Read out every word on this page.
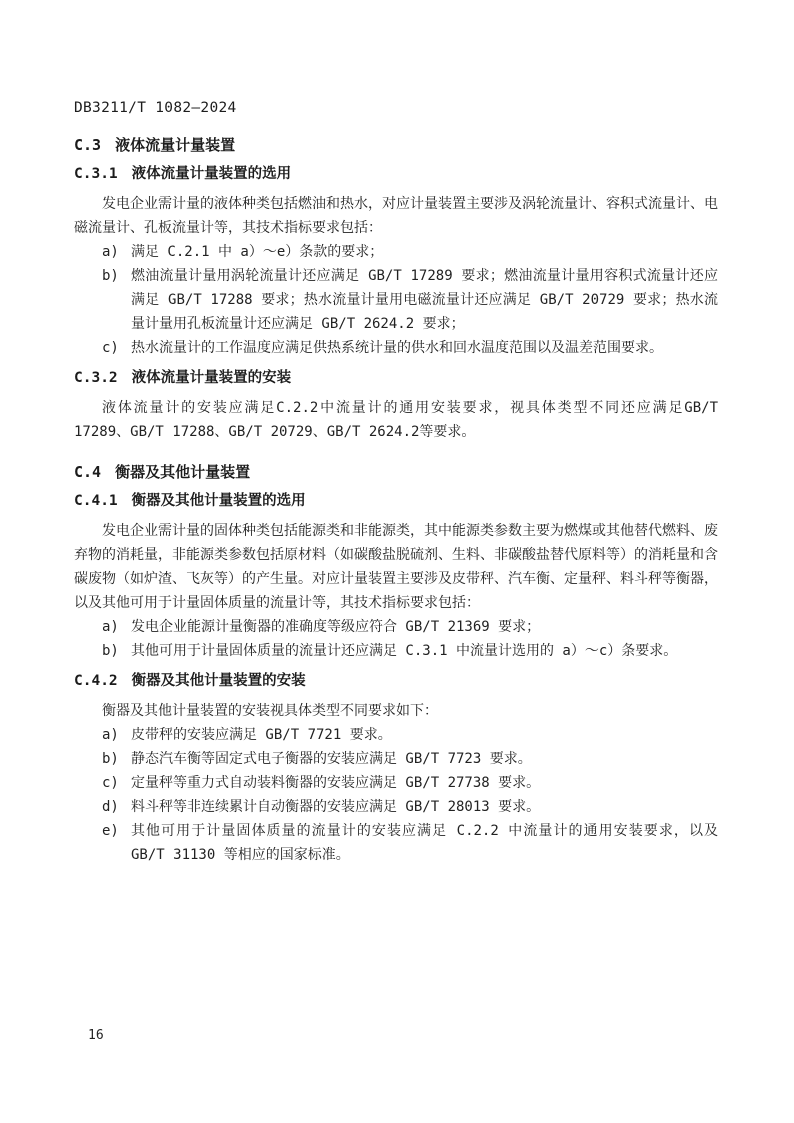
DB3211/T 1082—2024
C.3 液体流量计量装置
C.3.1 液体流量计量装置的选用

发电企业需计量的液体种类包括燃油和热水，对应计量装置主要涉及涡轮流量计、容积式流量计、电磁流量计、孔板流量计等，其技术指标要求包括：

a) 满足 C.2.1 中 a）～e）条款的要求；
b) 燃油流量计量用涡轮流量计还应满足 GB/T 17289 要求；燃油流量计量用容积式流量计还应满足 GB/T 17288 要求；热水流量计量用电磁流量计还应满足 GB/T 20729 要求；热水流量计量用孔板流量计还应满足 GB/T 2624.2 要求；
c) 热水流量计的工作温度应满足供热系统计量的供水和回水温度范围以及温差范围要求。
C.3.2 液体流量计量装置的安装

液体流量计的安装应满足C.2.2中流量计的通用安装要求，视具体类型不同还应满足GB/T 17289、GB/T 17288、GB/T 20729、GB/T 2624.2等要求。

C.4 衡器及其他计量装置
C.4.1 衡器及其他计量装置的选用

发电企业需计量的固体种类包括能源类和非能源类，其中能源类参数主要为燃煤或其他替代燃料、废弃物的消耗量，非能源类参数包括原材料（如碳酸盐脱硫剂、生料、非碳酸盐替代原料等）的消耗量和含碳废物（如炉渣、飞灰等）的产生量。对应计量装置主要涉及皮带秤、汽车衡、定量秤、料斗秤等衡器，以及其他可用于计量固体质量的流量计等，其技术指标要求包括：

a) 发电企业能源计量衡器的准确度等级应符合 GB/T 21369 要求；
b) 其他可用于计量固体质量的流量计还应满足 C.3.1 中流量计选用的 a）～c）条要求。
C.4.2 衡器及其他计量装置的安装

衡器及其他计量装置的安装视具体类型不同要求如下：

a) 皮带秤的安装应满足 GB/T 7721 要求。
b) 静态汽车衡等固定式电子衡器的安装应满足 GB/T 7723 要求。
c) 定量秤等重力式自动装料衡器的安装应满足 GB/T 27738 要求。
d) 料斗秤等非连续累计自动衡器的安装应满足 GB/T 28013 要求。
e) 其他可用于计量固体质量的流量计的安装应满足 C.2.2 中流量计的通用安装要求，以及 GB/T 31130 等相应的国家标准。
16
